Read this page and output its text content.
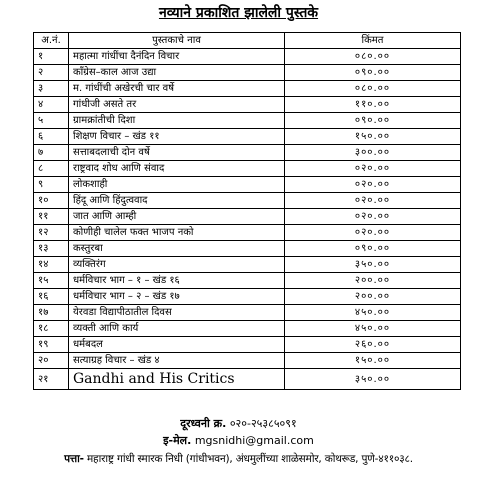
नव्याने प्रकाशित झालेली पुस्तके
अ.नं.	पुस्तकाचे नाव	किंमत
१	महात्मा गांधींचा दैनंदिन विचार	०८०.००
२	कॉंग्रेस–काल आज उद्या	०९०.००
३	म. गांधींची अखेरची चार वर्षे	०८०.००
४	गांधीजी असते तर	११०.००
५	ग्रामक्रांतीची दिशा	०९०.००
६	शिक्षण विचार – खंड ११	१५०.००
७	सत्ताबदलाची दोन वर्षे	३००.००
८	राष्ट्रवाद शोध आणि संवाद	०२०.००
९	लोकशाही	०२०.००
१०	हिंदू आणि हिंदुत्ववाद	०२०.००
११	जात आणि आम्ही	०२०.००
१२	कोणीही चालेल फक्त भाजप नको	०२०.००
१३	कस्तुरबा	०९०.००
१४	व्यक्तिरंग	३५०.००
१५	धर्मविचार भाग – १ – खंड १६	२००.००
१६	धर्मविचार भाग – २ – खंड १७	२००.००
१७	येरवडा विद्यापीठातील दिवस	४५०.००
१८	व्यक्ती आणि कार्य	४५०.००
१९	धर्मबदल	२६०.००
२०	सत्याग्रह विचार – खंड ४	१५०.००
२१	Gandhi and His Critics	३५०.००
दूरध्वनी क्र. ०२०-२५३८५०९१
इ-मेल. mgsnidhi@gmail.com
पत्ता- महाराष्ट्र गांधी स्मारक निधी (गांधीभवन), अंधमुलींच्या शाळेसमोर, कोथरूड, पुणे-४११०३८.
